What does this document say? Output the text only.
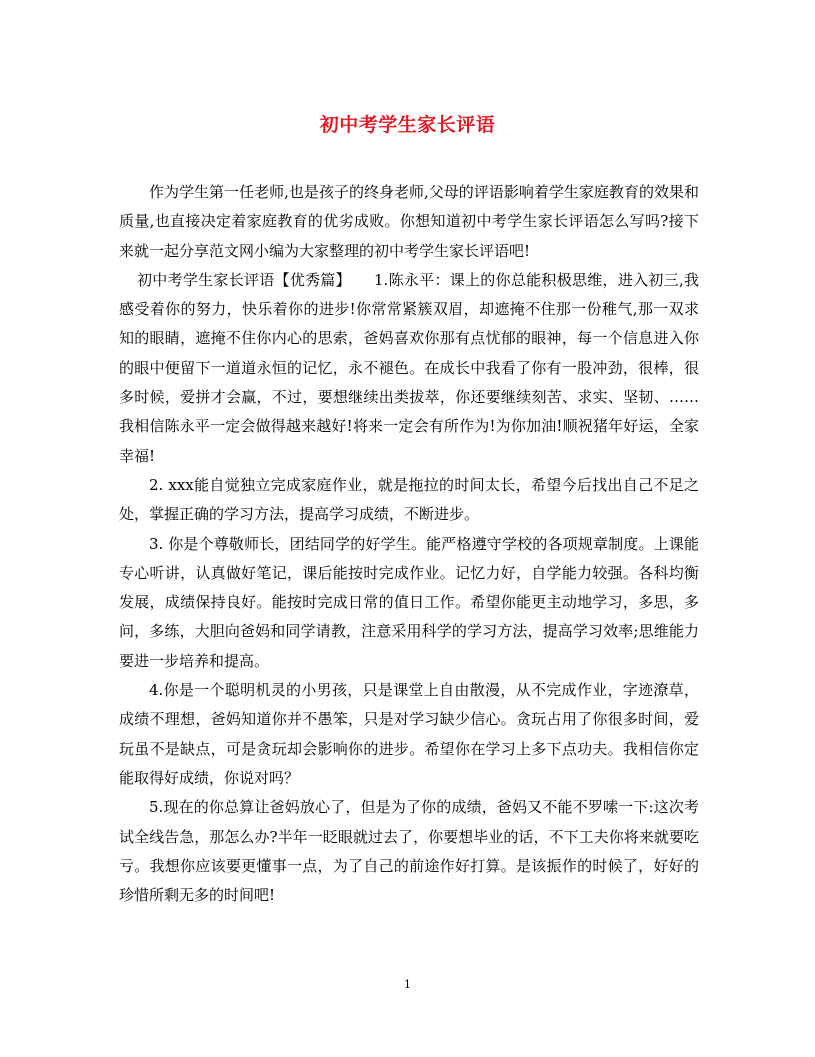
初中考学生家长评语

作为学生第一任老师,也是孩子的终身老师,父母的评语影响着学生家庭教育的效果和质量,也直接决定着家庭教育的优劣成败。你想知道初中考学生家长评语怎么写吗?接下来就一起分享范文网小编为大家整理的初中考学生家长评语吧!

初中考学生家长评语【优秀篇】　　1.陈永平：课上的你总能积极思维，进入初三,我感受着你的努力，快乐着你的进步!你常常紧簇双眉，却遮掩不住那一份稚气,那一双求知的眼睛，遮掩不住你内心的思索，爸妈喜欢你那有点忧郁的眼神，每一个信息进入你的眼中便留下一道道永恒的记忆，永不褪色。在成长中我看了你有一股冲劲，很棒，很多时候，爱拼才会赢，不过，要想继续出类拔萃，你还要继续刻苦、求实、坚韧、……我相信陈永平一定会做得越来越好!将来一定会有所作为!为你加油!顺祝猪年好运，全家幸福!

2. xxx能自觉独立完成家庭作业，就是拖拉的时间太长，希望今后找出自己不足之处，掌握正确的学习方法，提高学习成绩，不断进步。

3. 你是个尊敬师长，团结同学的好学生。能严格遵守学校的各项规章制度。上课能专心听讲，认真做好笔记，课后能按时完成作业。记忆力好，自学能力较强。各科均衡发展，成绩保持良好。能按时完成日常的值日工作。希望你能更主动地学习，多思，多问，多练，大胆向爸妈和同学请教，注意采用科学的学习方法，提高学习效率;思维能力要进一步培养和提高。

4.你是一个聪明机灵的小男孩，只是课堂上自由散漫，从不完成作业，字迹潦草，成绩不理想，爸妈知道你并不愚笨，只是对学习缺少信心。贪玩占用了你很多时间，爱玩虽不是缺点，可是贪玩却会影响你的进步。希望你在学习上多下点功夫。我相信你定能取得好成绩，你说对吗？

5.现在的你总算让爸妈放心了，但是为了你的成绩，爸妈又不能不罗嗦一下:这次考试全线告急，那怎么办?半年一眨眼就过去了，你要想毕业的话，不下工夫你将来就要吃亏。我想你应该要更懂事一点，为了自己的前途作好打算。是该振作的时候了，好好的珍惜所剩无多的时间吧!

1
